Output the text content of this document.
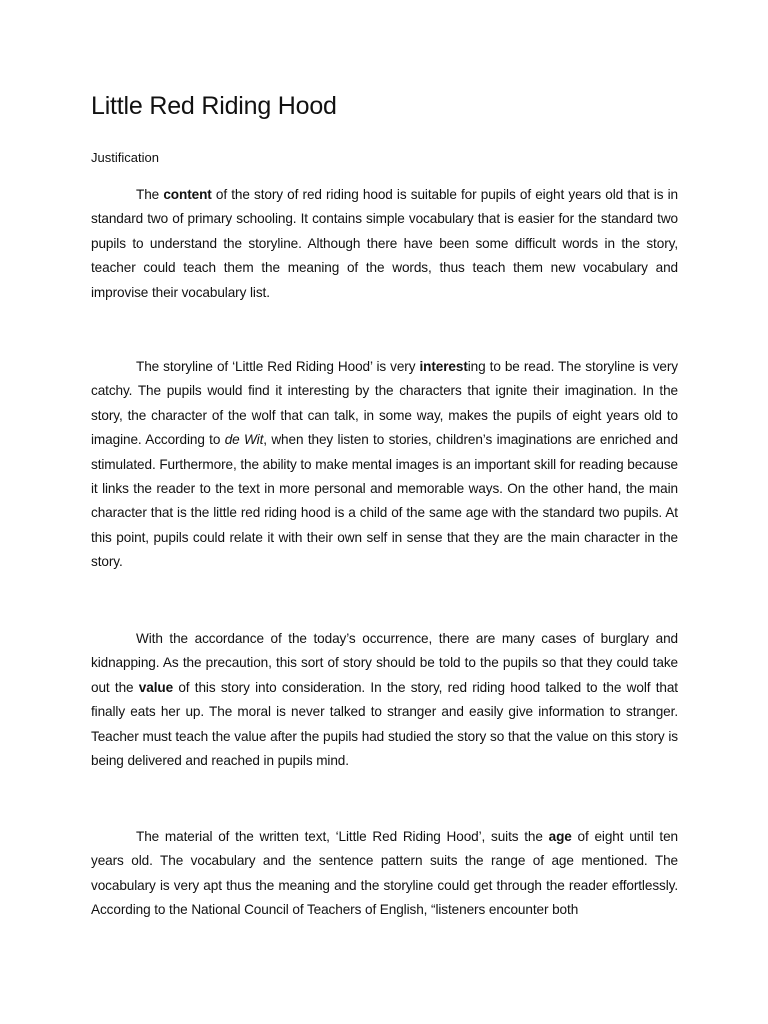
Little Red Riding Hood

Justification

The content of the story of red riding hood is suitable for pupils of eight years old that is in standard two of primary schooling. It contains simple vocabulary that is easier for the standard two pupils to understand the storyline. Although there have been some difficult words in the story, teacher could teach them the meaning of the words, thus teach them new vocabulary and improvise their vocabulary list.

The storyline of ‘Little Red Riding Hood’ is very interesting to be read. The storyline is very catchy. The pupils would find it interesting by the characters that ignite their imagination. In the story, the character of the wolf that can talk, in some way, makes the pupils of eight years old to imagine. According to de Wit, when they listen to stories, children’s imaginations are enriched and stimulated. Furthermore, the ability to make mental images is an important skill for reading because it links the reader to the text in more personal and memorable ways. On the other hand, the main character that is the little red riding hood is a child of the same age with the standard two pupils. At this point, pupils could relate it with their own self in sense that they are the main character in the story.

With the accordance of the today’s occurrence, there are many cases of burglary and kidnapping. As the precaution, this sort of story should be told to the pupils so that they could take out the value of this story into consideration. In the story, red riding hood talked to the wolf that finally eats her up. The moral is never talked to stranger and easily give information to stranger. Teacher must teach the value after the pupils had studied the story so that the value on this story is being delivered and reached in pupils mind.

The material of the written text, ‘Little Red Riding Hood’, suits the age of eight until ten years old. The vocabulary and the sentence pattern suits the range of age mentioned. The vocabulary is very apt thus the meaning and the storyline could get through the reader effortlessly. According to the National Council of Teachers of English, “listeners encounter both
